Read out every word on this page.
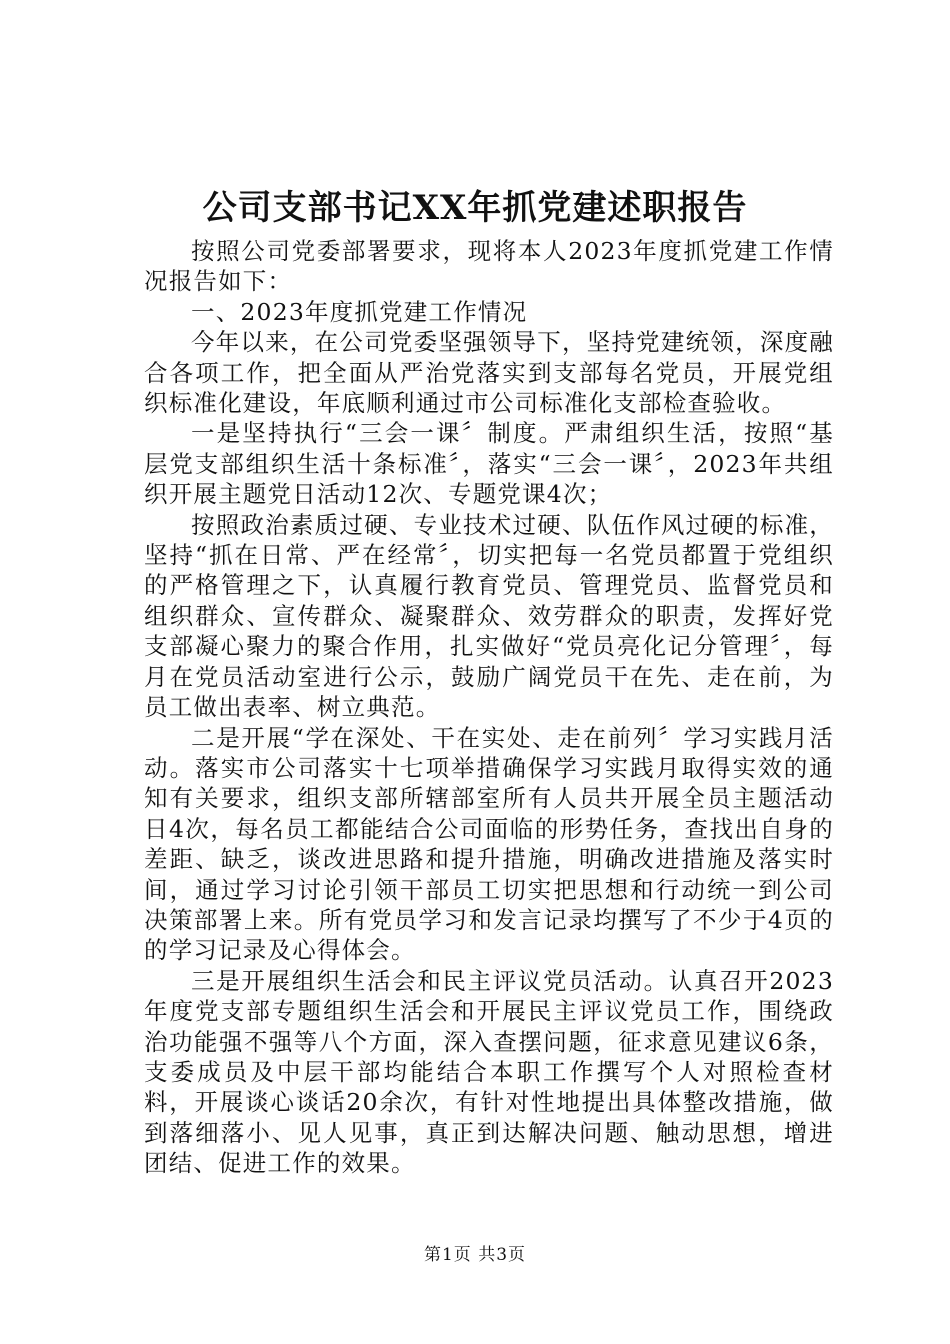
公司支部书记XX年抓党建述职报告

按照公司党委部署要求，现将本人2023年度抓党建工作情况报告如下：

一、2023年度抓党建工作情况

今年以来，在公司党委坚强领导下，坚持党建统领，深度融合各项工作，把全面从严治党落实到支部每名党员，开展党组织标准化建设，年底顺利通过市公司标准化支部检查验收。

一是坚持执行“三会一课〞制度。严肃组织生活，按照“基层党支部组织生活十条标准〞，落实“三会一课〞，2023年共组织开展主题党日活动12次、专题党课4次；

按照政治素质过硬、专业技术过硬、队伍作风过硬的标准，坚持“抓在日常、严在经常〞，切实把每一名党员都置于党组织的严格管理之下，认真履行教育党员、管理党员、监督党员和组织群众、宣传群众、凝聚群众、效劳群众的职责，发挥好党支部凝心聚力的聚合作用，扎实做好“党员亮化记分管理〞，每月在党员活动室进行公示，鼓励广阔党员干在先、走在前，为员工做出表率、树立典范。

二是开展“学在深处、干在实处、走在前列〞学习实践月活动。落实市公司落实十七项举措确保学习实践月取得实效的通知有关要求，组织支部所辖部室所有人员共开展全员主题活动日4次，每名员工都能结合公司面临的形势任务，查找出自身的差距、缺乏，谈改进思路和提升措施，明确改进措施及落实时间，通过学习讨论引领干部员工切实把思想和行动统一到公司决策部署上来。所有党员学习和发言记录均撰写了不少于4页的的学习记录及心得体会。

三是开展组织生活会和民主评议党员活动。认真召开2023年度党支部专题组织生活会和开展民主评议党员工作，围绕政治功能强不强等八个方面，深入查摆问题，征求意见建议6条，支委成员及中层干部均能结合本职工作撰写个人对照检查材料，开展谈心谈话20余次，有针对性地提出具体整改措施，做到落细落小、见人见事，真正到达解决问题、触动思想，增进团结、促进工作的效果。

第1页 共3页
